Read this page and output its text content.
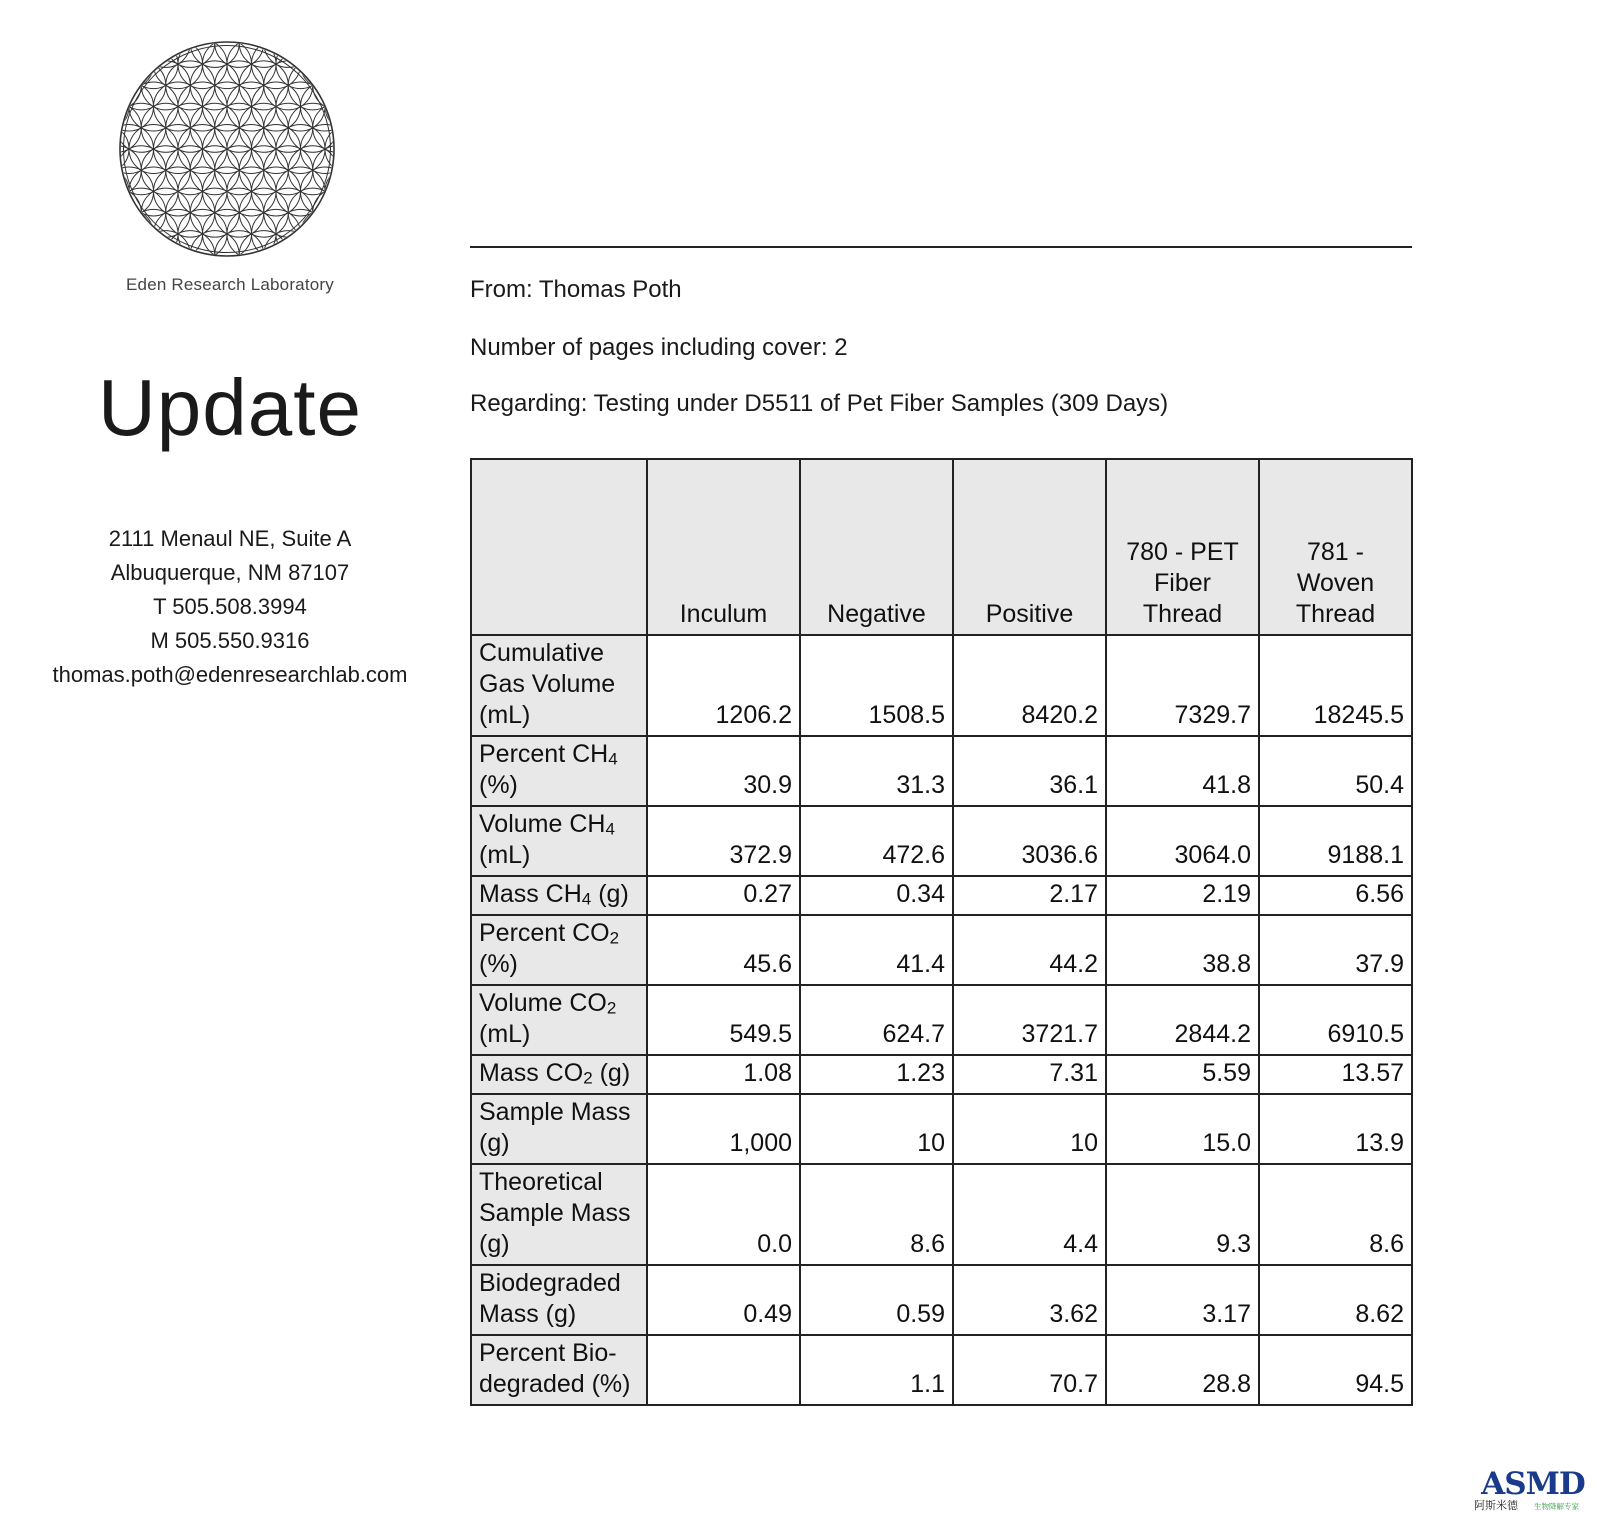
Eden Research Laboratory
Update
2111 Menaul NE, Suite A
Albuquerque, NM 87107
T 505.508.3994
M 505.550.9316
thomas.poth@edenresearchlab.com
From: Thomas Poth
Number of pages including cover: 2
Regarding: Testing under D5511 of Pet Fiber Samples (309 Days)
	Inculum	Negative	Positive	780 - PET Fiber Thread	781 - Woven Thread
Cumulative Gas Volume (mL)	1206.2	1508.5	8420.2	7329.7	18245.5
Percent $CH_4$ (%)	30.9	31.3	36.1	41.8	50.4
Volume $CH_4$ (mL)	372.9	472.6	3036.6	3064.0	9188.1
Mass $CH_4$ (g)	0.27	0.34	2.17	2.19	6.56
Percent $CO_2$ (%)	45.6	41.4	44.2	38.8	37.9
Volume $CO_2$ (mL)	549.5	624.7	3721.7	2844.2	6910.5
Mass $CO_2$ (g)	1.08	1.23	7.31	5.59	13.57
Sample Mass (g)	1,000	10	10	15.0	13.9
Theoretical Sample Mass (g)	0.0	8.6	4.4	9.3	8.6
Biodegraded Mass (g)	0.49	0.59	3.62	3.17	8.62
Percent Bio-degraded (%)		1.1	70.7	28.8	94.5
ASMD
阿斯米德 生物降解专家
